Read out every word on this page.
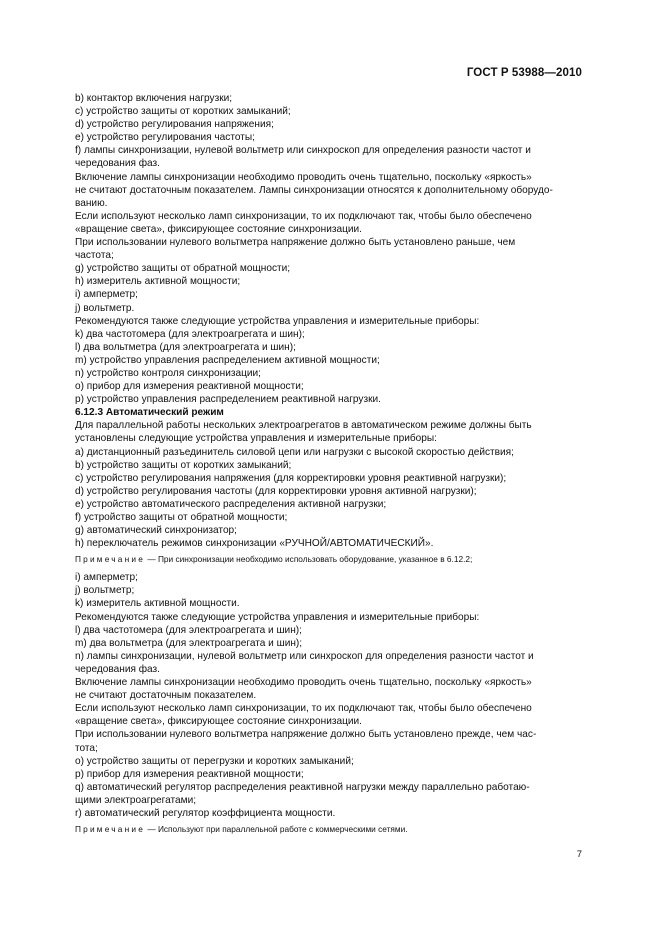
ГОСТ Р 53988—2010

b) контактор включения нагрузки;

c) устройство защиты от коротких замыканий;

d) устройство регулирования напряжения;

e) устройство регулирования частоты;

f) лампы синхронизации, нулевой вольтметр или синхроскоп для определения разности частот и

чередования фаз.

Включение лампы синхронизации необходимо проводить очень тщательно, поскольку «яркость»

не считают достаточным показателем. Лампы синхронизации относятся к дополнительному оборудо-

ванию.

Если используют несколько ламп синхронизации, то их подключают так, чтобы было обеспечено

«вращение света», фиксирующее состояние синхронизации.

При использовании нулевого вольтметра напряжение должно быть установлено раньше, чем

частота;

g) устройство защиты от обратной мощности;

h) измеритель активной мощности;

i) амперметр;

j) вольтметр.

Рекомендуются также следующие устройства управления и измерительные приборы:

k) два частотомера (для электроагрегата и шин);

l) два вольтметра (для электроагрегата и шин);

m) устройство управления распределением активной мощности;

n) устройство контроля синхронизации;

o) прибор для измерения реактивной мощности;

p) устройство управления распределением реактивной нагрузки.

6.12.3 Автоматический режим

Для параллельной работы нескольких электроагрегатов в автоматическом режиме должны быть

установлены следующие устройства управления и измерительные приборы:

a) дистанционный разъединитель силовой цепи или нагрузки с высокой скоростью действия;

b) устройство защиты от коротких замыканий;

c) устройство регулирования напряжения (для корректировки уровня реактивной нагрузки);

d) устройство регулирования частоты (для корректировки уровня активной нагрузки);

e) устройство автоматического распределения активной нагрузки;

f) устройство защиты от обратной мощности;

g) автоматический синхронизатор;

h) переключатель режимов синхронизации «РУЧНОЙ/АВТОМАТИЧЕСКИЙ».

Примечание — При синхронизации необходимо использовать оборудование, указанное в 6.12.2;

i) амперметр;

j) вольтметр;

k) измеритель активной мощности.

Рекомендуются также следующие устройства управления и измерительные приборы:

l) два частотомера (для электроагрегата и шин);

m) два вольтметра (для электроагрегата и шин);

n) лампы синхронизации, нулевой вольтметр или синхроскоп для определения разности частот и

чередования фаз.

Включение лампы синхронизации необходимо проводить очень тщательно, поскольку «яркость»

не считают достаточным показателем.

Если используют несколько ламп синхронизации, то их подключают так, чтобы было обеспечено

«вращение света», фиксирующее состояние синхронизации.

При использовании нулевого вольтметра напряжение должно быть установлено прежде, чем час-

тота;

o) устройство защиты от перегрузки и коротких замыканий;

p) прибор для измерения реактивной мощности;

q) автоматический регулятор распределения реактивной нагрузки между параллельно работаю-

щими электроагрегатами;

r) автоматический регулятор коэффициента мощности.

Примечание — Используют при параллельной работе с коммерческими сетями.

7
